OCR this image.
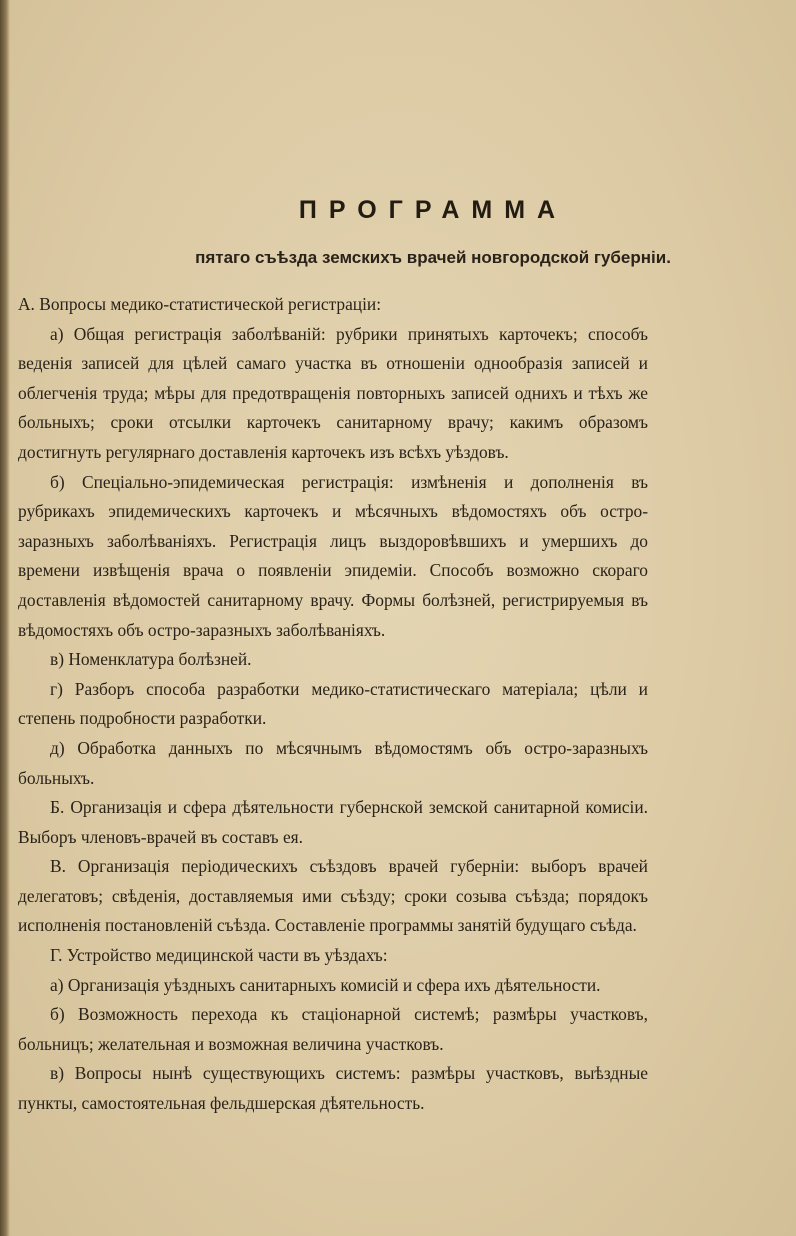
ПРОГРАММА
пятаго съѣзда земскихъ врачей новгородской губерніи.

А. Вопросы медико-статистической регистраціи:

а) Общая регистрація заболѣваній: рубрики принятыхъ карточекъ; способъ веденія записей для цѣлей самаго участка въ отношеніи однообразія записей и облегченія труда; мѣры для предотвращенія повторныхъ записей однихъ и тѣхъ же больныхъ; сроки отсылки карточекъ санитарному врачу; какимъ образомъ достигнуть регулярнаго доставленія карточекъ изъ всѣхъ уѣздовъ.

б) Спеціально-эпидемическая регистрація: измѣненія и дополненія въ рубрикахъ эпидемическихъ карточекъ и мѣсячныхъ вѣдомостяхъ объ остро-заразныхъ заболѣваніяхъ. Регистрація лицъ выздоровѣвшихъ и умершихъ до времени извѣщенія врача о появленіи эпидеміи. Способъ возможно скораго доставленія вѣдомостей санитарному врачу. Формы болѣзней, регистрируемыя въ вѣдомостяхъ объ остро-заразныхъ заболѣваніяхъ.

в) Номенклатура болѣзней.

г) Разборъ способа разработки медико-статистическаго матеріала; цѣли и степень подробности разработки.

д) Обработка данныхъ по мѣсячнымъ вѣдомостямъ объ остро-заразныхъ больныхъ.

Б. Организація и сфера дѣятельности губернской земской санитарной комисіи. Выборъ членовъ-врачей въ составъ ея.

В. Организація періодическихъ съѣздовъ врачей губерніи: выборъ врачей делегатовъ; свѣденія, доставляемыя ими съѣзду; сроки созыва съѣзда; порядокъ исполненія постановленій съѣзда. Составленіе программы занятій будущаго съѣда.

Г. Устройство медицинской части въ уѣздахъ:

а) Организація уѣздныхъ санитарныхъ комисій и сфера ихъ дѣятельности.

б) Возможность перехода къ стаціонарной системѣ; размѣры участковъ, больницъ; желательная и возможная величина участковъ.

в) Вопросы нынѣ существующихъ системъ: размѣры участковъ, выѣздные пункты, самостоятельная фельдшерская дѣятельность.
